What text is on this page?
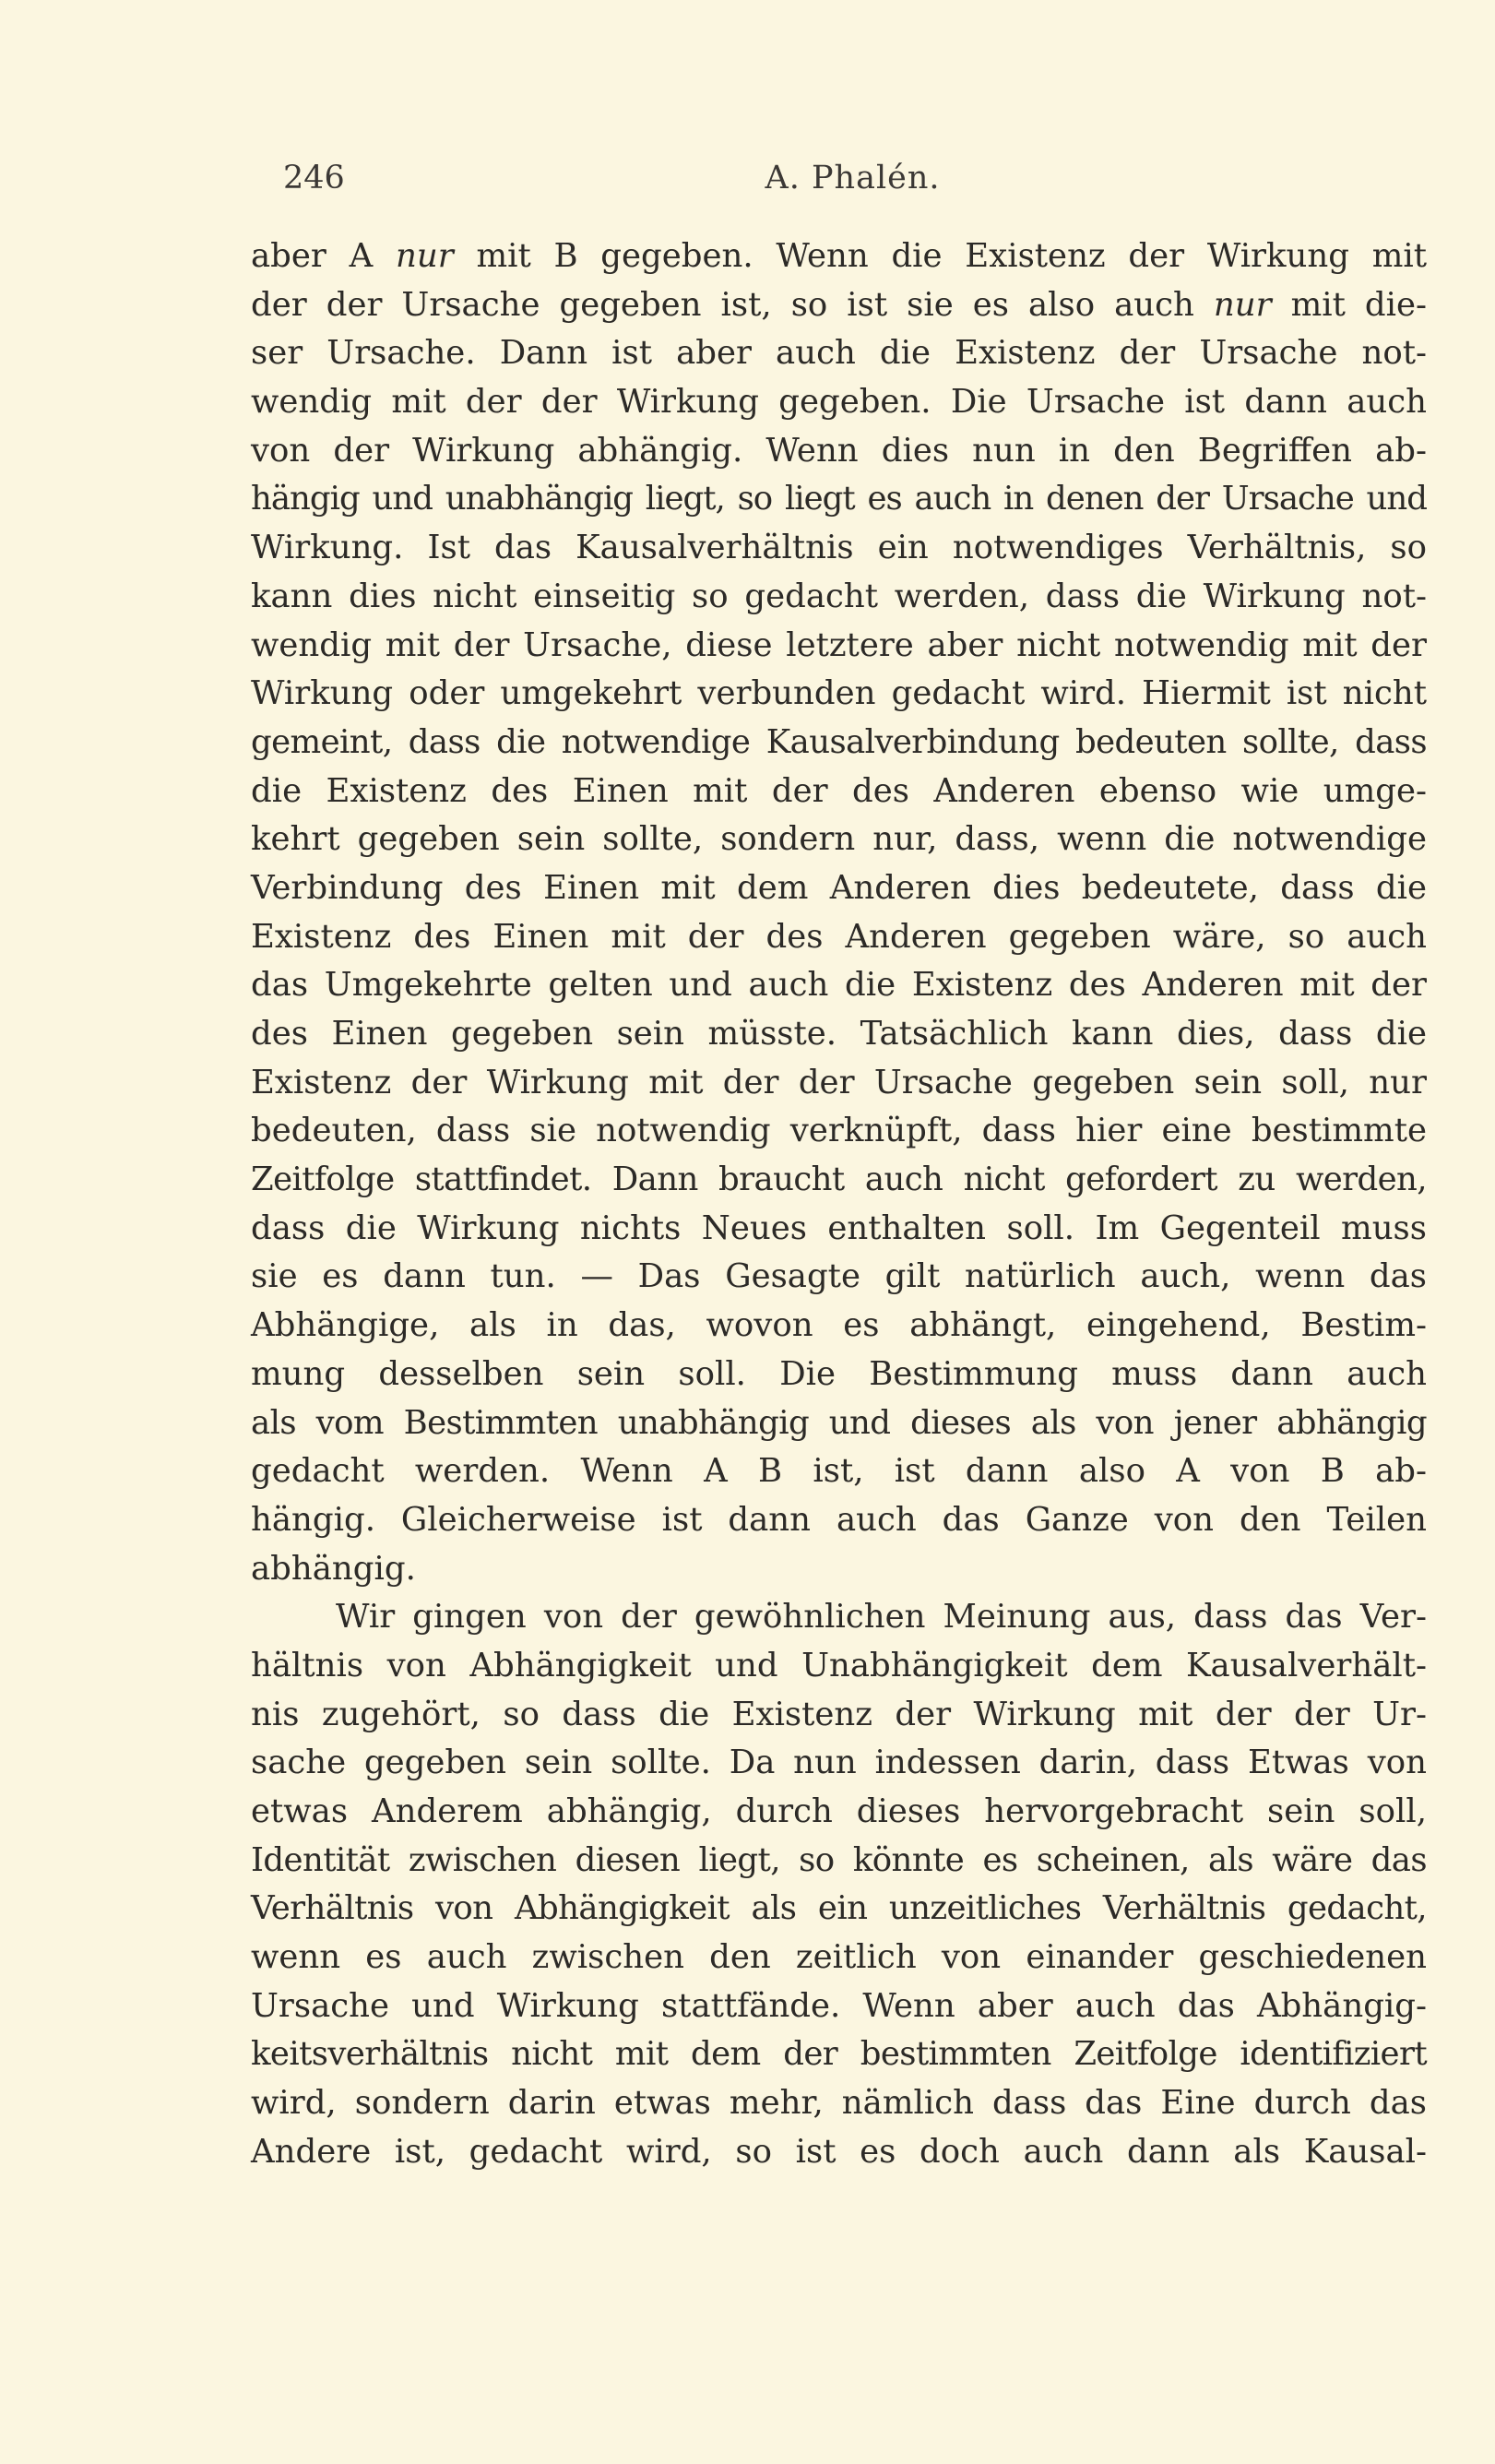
246	A. Phalén.
aber A nur mit B gegeben. Wenn die Existenz der Wirkung mit
der der Ursache gegeben ist, so ist sie es also auch nur mit die-
ser Ursache. Dann ist aber auch die Existenz der Ursache not-
wendig mit der der Wirkung gegeben. Die Ursache ist dann auch
von der Wirkung abhängig. Wenn dies nun in den Begriffen ab-
hängig und unabhängig liegt, so liegt es auch in denen der Ursache und
Wirkung. Ist das Kausalverhältnis ein notwendiges Verhältnis, so
kann dies nicht einseitig so gedacht werden, dass die Wirkung not-
wendig mit der Ursache, diese letztere aber nicht notwendig mit der
Wirkung oder umgekehrt verbunden gedacht wird. Hiermit ist nicht
gemeint, dass die notwendige Kausalverbindung bedeuten sollte, dass
die Existenz des Einen mit der des Anderen ebenso wie umge-
kehrt gegeben sein sollte, sondern nur, dass, wenn die notwendige
Verbindung des Einen mit dem Anderen dies bedeutete, dass die
Existenz des Einen mit der des Anderen gegeben wäre, so auch
das Umgekehrte gelten und auch die Existenz des Anderen mit der
des Einen gegeben sein müsste. Tatsächlich kann dies, dass die
Existenz der Wirkung mit der der Ursache gegeben sein soll, nur
bedeuten, dass sie notwendig verknüpft, dass hier eine bestimmte
Zeitfolge stattfindet. Dann braucht auch nicht gefordert zu werden,
dass die Wirkung nichts Neues enthalten soll. Im Gegenteil muss
sie es dann tun. — Das Gesagte gilt natürlich auch, wenn das
Abhängige, als in das, wovon es abhängt, eingehend, Bestim-
mung desselben sein soll. Die Bestimmung muss dann auch
als vom Bestimmten unabhängig und dieses als von jener abhängig
gedacht werden. Wenn A B ist, ist dann also A von B ab-
hängig. Gleicherweise ist dann auch das Ganze von den Teilen
abhängig.
Wir gingen von der gewöhnlichen Meinung aus, dass das Ver-
hältnis von Abhängigkeit und Unabhängigkeit dem Kausalverhält-
nis zugehört, so dass die Existenz der Wirkung mit der der Ur-
sache gegeben sein sollte. Da nun indessen darin, dass Etwas von
etwas Anderem abhängig, durch dieses hervorgebracht sein soll,
Identität zwischen diesen liegt, so könnte es scheinen, als wäre das
Verhältnis von Abhängigkeit als ein unzeitliches Verhältnis gedacht,
wenn es auch zwischen den zeitlich von einander geschiedenen
Ursache und Wirkung stattfände. Wenn aber auch das Abhängig-
keitsverhältnis nicht mit dem der bestimmten Zeitfolge identifiziert
wird, sondern darin etwas mehr, nämlich dass das Eine durch das
Andere ist, gedacht wird, so ist es doch auch dann als Kausal-
